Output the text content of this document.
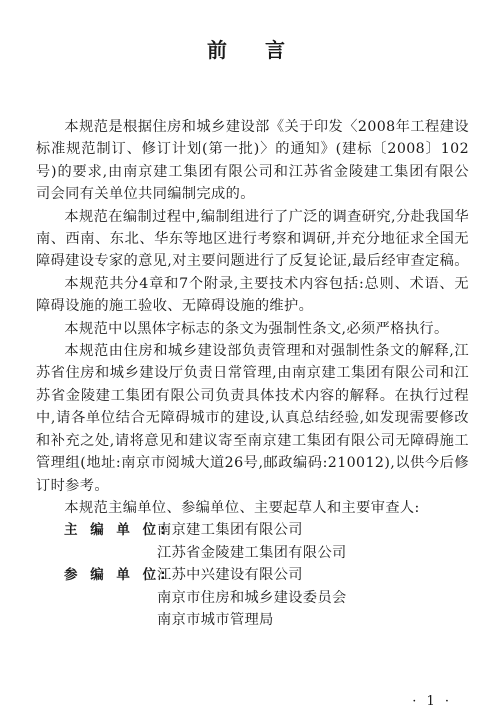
前言

本规范是根据住房和城乡建设部《关于印发〈2008年工程建设标准规范制订、修订计划(第一批)〉的通知》(建标〔2008〕102号)的要求,由南京建工集团有限公司和江苏省金陵建工集团有限公司会同有关单位共同编制完成的。

本规范在编制过程中,编制组进行了广泛的调查研究,分赴我国华南、西南、东北、华东等地区进行考察和调研,并充分地征求全国无障碍建设专家的意见,对主要问题进行了反复论证,最后经审查定稿。

本规范共分4章和7个附录,主要技术内容包括:总则、术语、无障碍设施的施工验收、无障碍设施的维护。

本规范中以黑体字标志的条文为强制性条文,必须严格执行。

本规范由住房和城乡建设部负责管理和对强制性条文的解释,江苏省住房和城乡建设厅负责日常管理,由南京建工集团有限公司和江苏省金陵建工集团有限公司负责具体技术内容的解释。在执行过程中,请各单位结合无障碍城市的建设,认真总结经验,如发现需要修改和补充之处,请将意见和建议寄至南京建工集团有限公司无障碍施工管理组(地址:南京市阅城大道26号,邮政编码:210012),以供今后修订时参考。

本规范主编单位、参编单位、主要起草人和主要审查人:

主 编 单 位:
南京建工集团有限公司
江苏省金陵建工集团有限公司
参 编 单 位:
江苏中兴建设有限公司
南京市住房和城乡建设委员会
南京市城市管理局
· 1 ·
